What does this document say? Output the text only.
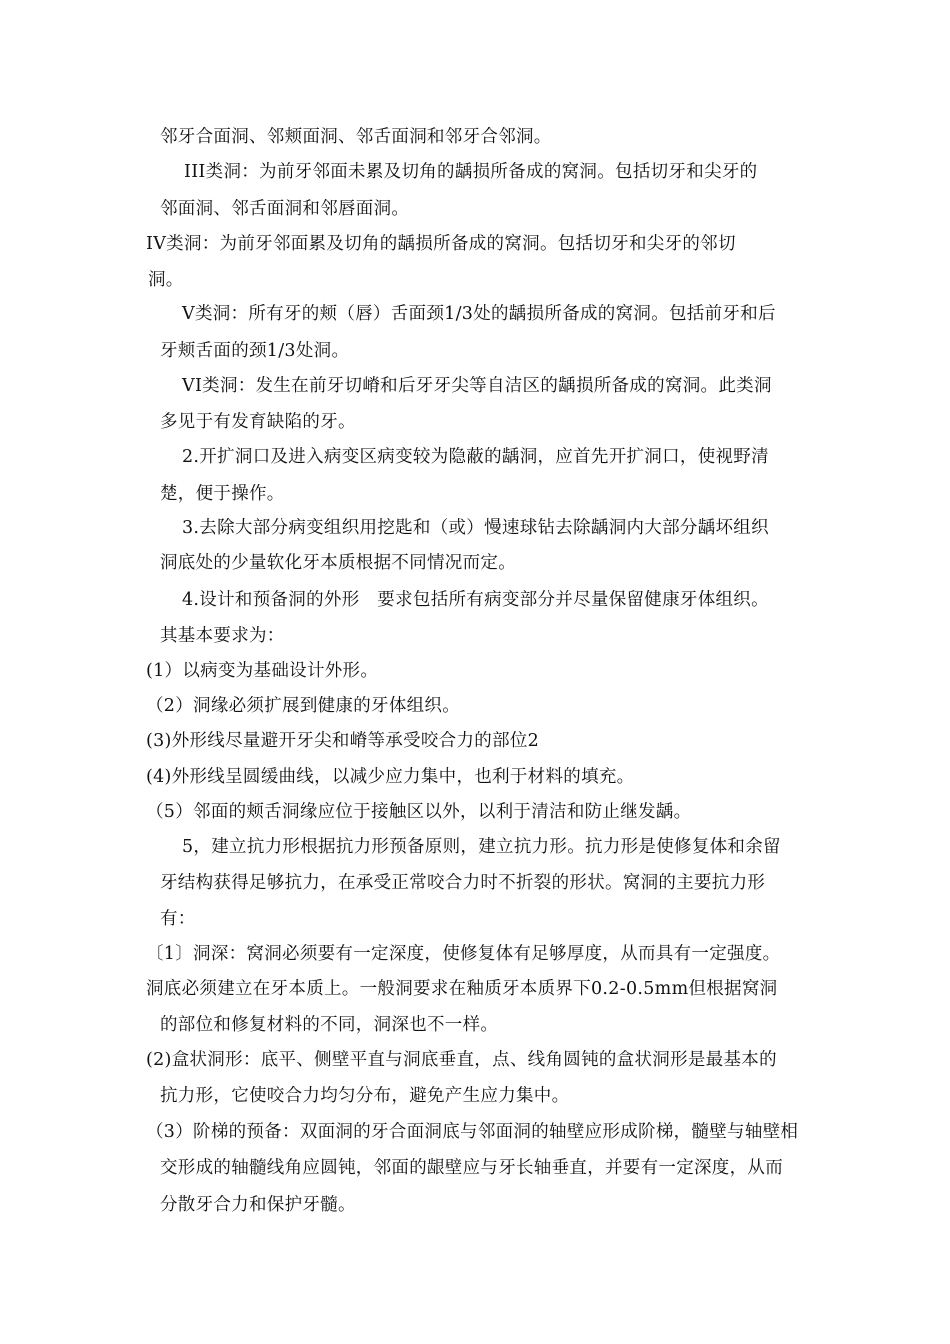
邻牙合面洞、邻颊面洞、邻舌面洞和邻牙合邻洞。
III类洞：为前牙邻面未累及切角的龋损所备成的窝洞。包括切牙和尖牙的
邻面洞、邻舌面洞和邻唇面洞。
IV类洞：为前牙邻面累及切角的龋损所备成的窝洞。包括切牙和尖牙的邻切
洞。
V类洞：所有牙的颊（唇）舌面颈1/3处的龋损所备成的窝洞。包括前牙和后
牙颊舌面的颈1/3处洞。
VI类洞：发生在前牙切嵴和后牙牙尖等自洁区的龋损所备成的窝洞。此类洞
多见于有发育缺陷的牙。
2.开扩洞口及进入病变区病变较为隐蔽的龋洞，应首先开扩洞口，使视野清
楚，便于操作。
3.去除大部分病变组织用挖匙和（或）慢速球钻去除龋洞内大部分龋坏组织
洞底处的少量软化牙本质根据不同情况而定。
4.设计和预备洞的外形　要求包括所有病变部分并尽量保留健康牙体组织。
其基本要求为：
(1）以病变为基础设计外形。
（2）洞缘必须扩展到健康的牙体组织。
(3)外形线尽量避开牙尖和嵴等承受咬合力的部位2
(4)外形线呈圆缓曲线，以减少应力集中，也利于材料的填充。
（5）邻面的颊舌洞缘应位于接触区以外，以利于清洁和防止继发龋。
5，建立抗力形根据抗力形预备原则，建立抗力形。抗力形是使修复体和余留
牙结构获得足够抗力，在承受正常咬合力时不折裂的形状。窝洞的主要抗力形
有：
〔1〕洞深：窝洞必须要有一定深度，使修复体有足够厚度，从而具有一定强度。
洞底必须建立在牙本质上。一般洞要求在釉质牙本质界下0.2-0.5mm但根据窝洞
的部位和修复材料的不同，洞深也不一样。
(2)盒状洞形：底平、侧壁平直与洞底垂直，点、线角圆钝的盒状洞形是最基本的
抗力形，它使咬合力均匀分布，避免产生应力集中。
（3）阶梯的预备：双面洞的牙合面洞底与邻面洞的轴壁应形成阶梯，髓壁与轴壁相
交形成的轴髓线角应圆钝，邻面的龈壁应与牙长轴垂直，并要有一定深度，从而
分散牙合力和保护牙髓。
